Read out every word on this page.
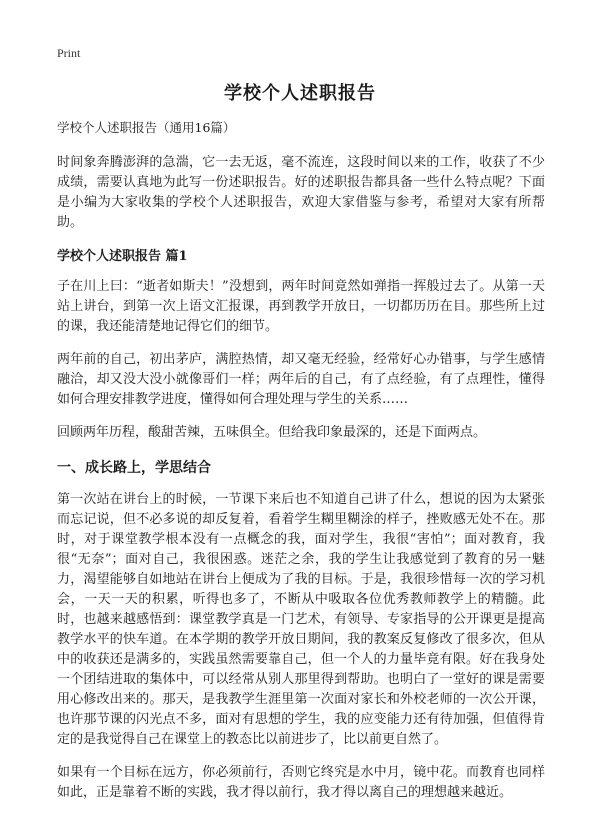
Print
学校个人述职报告

学校个人述职报告（通用16篇）

时间象奔腾澎湃的急湍，它一去无返，毫不流连，这段时间以来的工作，收获了不少成绩，需要认真地为此写一份述职报告。好的述职报告都具备一些什么特点呢？下面是小编为大家收集的学校个人述职报告，欢迎大家借鉴与参考，希望对大家有所帮助。

学校个人述职报告 篇1

子在川上曰：“逝者如斯夫！”没想到，两年时间竟然如弹指一挥般过去了。从第一天站上讲台，到第一次上语文汇报课，再到教学开放日，一切都历历在目。那些所上过的课，我还能清楚地记得它们的细节。

两年前的自己，初出茅庐，满腔热情，却又毫无经验，经常好心办错事，与学生感情融洽，却又没大没小就像哥们一样；两年后的自己，有了点经验，有了点理性，懂得如何合理安排教学进度，懂得如何合理处理与学生的关系……

回顾两年历程，酸甜苦辣，五味俱全。但给我印象最深的，还是下面两点。

一、成长路上，学思结合

第一次站在讲台上的时候，一节课下来后也不知道自己讲了什么，想说的因为太紧张而忘记说，但不必多说的却反复着，看着学生糊里糊涂的样子，挫败感无处不在。那时，对于课堂教学根本没有一点概念的我，面对学生，我很“害怕”；面对教育，我很“无奈”；面对自己，我很困惑。迷茫之余，我的学生让我感觉到了教育的另一魅力，渴望能够自如地站在讲台上便成为了我的目标。于是，我很珍惜每一次的学习机会，一天一天的积累，听得也多了，不断从中吸取各位优秀教师教学上的精髓。此时，也越来越感悟到：课堂教学真是一门艺术，有领导、专家指导的公开课更是提高教学水平的快车道。在本学期的教学开放日期间，我的教案反复修改了很多次，但从中的收获还是满多的，实践虽然需要靠自己，但一个人的力量毕竟有限。好在我身处一个团结进取的集体中，可以经常从别人那里得到帮助。也明白了一堂好的课是需要用心修改出来的。那天，是我教学生涯里第一次面对家长和外校老师的一次公开课，也许那节课的闪光点不多，面对有思想的学生，我的应变能力还有待加强，但值得肯定的是我觉得自己在课堂上的教态比以前进步了，比以前更自然了。

如果有一个目标在远方，你必须前行，否则它终究是水中月，镜中花。而教育也同样如此，正是靠着不断的实践，我才得以前行，我才得以离自己的理想越来越近。
